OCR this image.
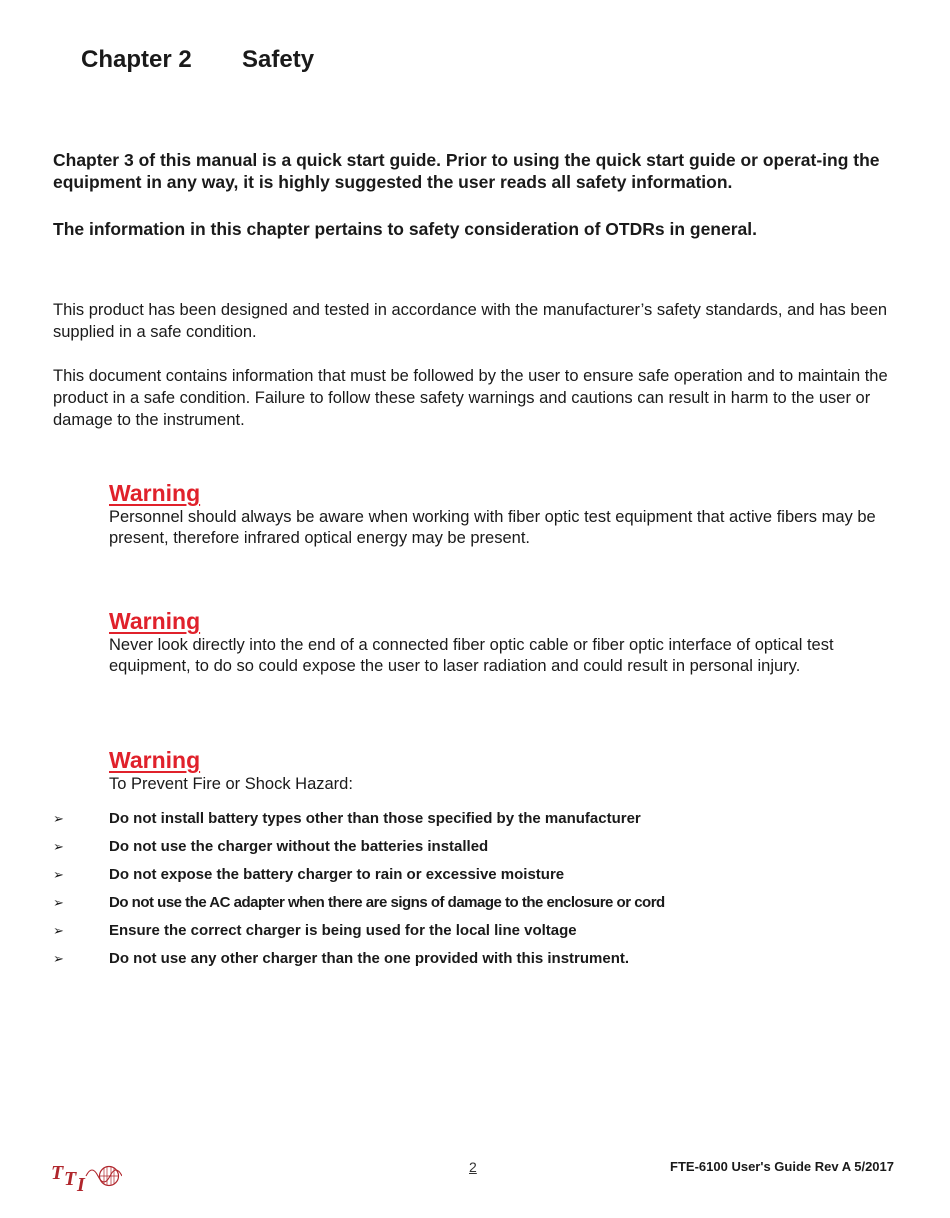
Chapter 2 Safety

Chapter 3 of this manual is a quick start guide. Prior to using the quick start guide or operat-ing the equipment in any way, it is highly suggested the user reads all safety information.

The information in this chapter pertains to safety consideration of OTDRs in general.

This product has been designed and tested in accordance with the manufacturer’s safety standards, and has been supplied in a safe condition.

This document contains information that must be followed by the user to ensure safe operation and to maintain the product in a safe condition. Failure to follow these safety warnings and cautions can result in harm to the user or damage to the instrument.

Warning

Personnel should always be aware when working with fiber optic test equipment that active fibers may be present, therefore infrared optical energy may be present.

Warning

Never look directly into the end of a connected fiber optic cable or fiber optic interface of optical test equipment, to do so could expose the user to laser radiation and could result in personal injury.

Warning

To Prevent Fire or Shock Hazard:

➢	Do not install battery types other than those specified by the manufacturer
➢	Do not use the charger without the batteries installed
➢	Do not expose the battery charger to rain or excessive moisture
➢	Do not use the AC adapter when there are signs of damage to the enclosure or cord
➢	Ensure the correct charger is being used for the local line voltage
➢	Do not use any other charger than the one provided with this instrument.
T T I
2	FTE-6100 User's Guide Rev A 5/2017
